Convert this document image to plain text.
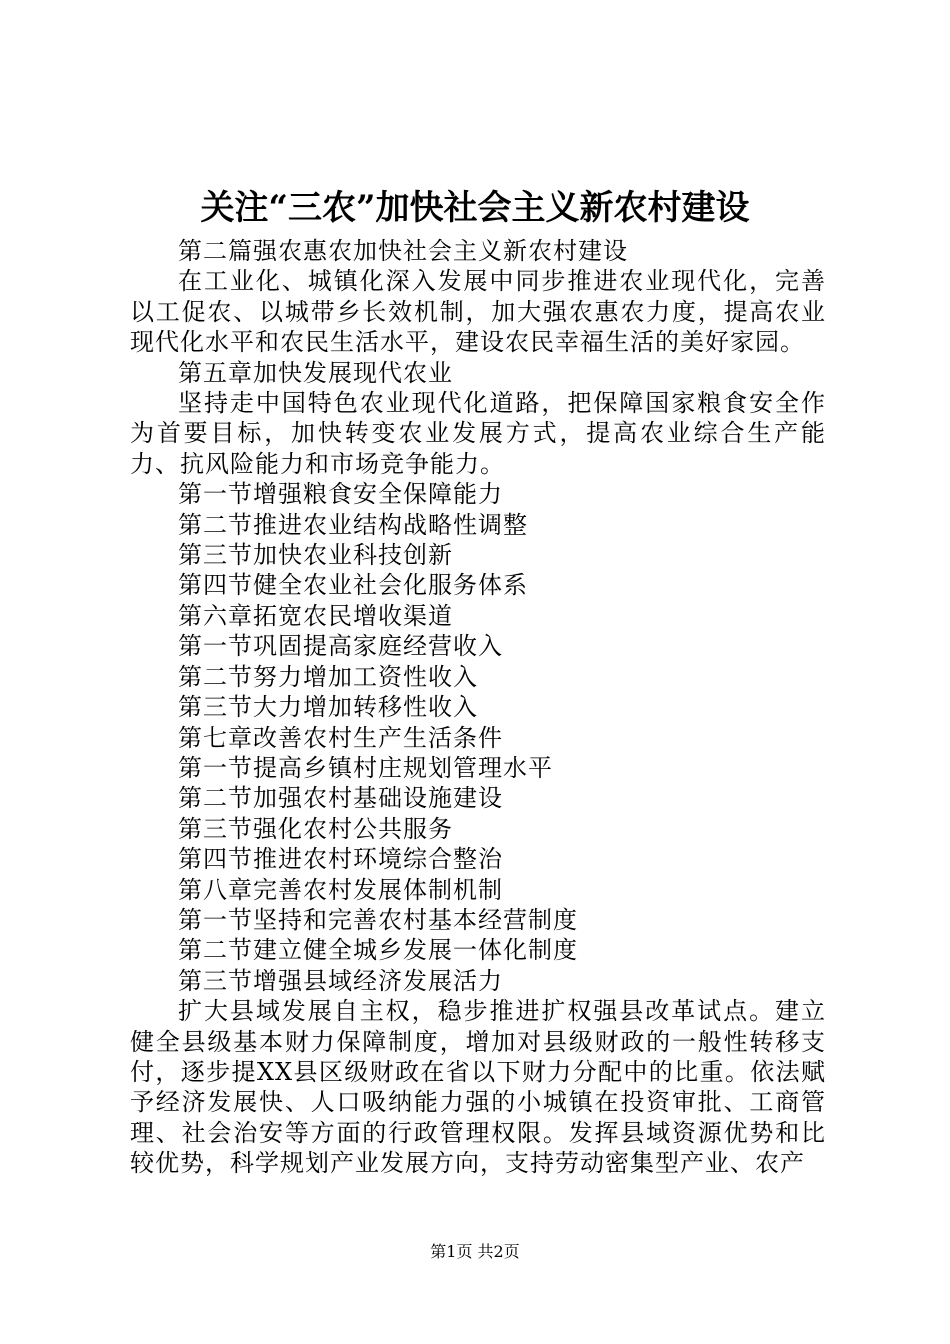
关注“三农”加快社会主义新农村建设

第二篇强农惠农加快社会主义新农村建设

在工业化、城镇化深入发展中同步推进农业现代化，完善以工促农、以城带乡长效机制，加大强农惠农力度，提高农业现代化水平和农民生活水平，建设农民幸福生活的美好家园。

第五章加快发展现代农业

坚持走中国特色农业现代化道路，把保障国家粮食安全作为首要目标，加快转变农业发展方式，提高农业综合生产能力、抗风险能力和市场竞争能力。

第一节增强粮食安全保障能力

第二节推进农业结构战略性调整

第三节加快农业科技创新

第四节健全农业社会化服务体系

第六章拓宽农民增收渠道

第一节巩固提高家庭经营收入

第二节努力增加工资性收入

第三节大力增加转移性收入

第七章改善农村生产生活条件

第一节提高乡镇村庄规划管理水平

第二节加强农村基础设施建设

第三节强化农村公共服务

第四节推进农村环境综合整治

第八章完善农村发展体制机制

第一节坚持和完善农村基本经营制度

第二节建立健全城乡发展一体化制度

第三节增强县域经济发展活力

扩大县域发展自主权，稳步推进扩权强县改革试点。建立健全县级基本财力保障制度，增加对县级财政的一般性转移支付，逐步提XX县区级财政在省以下财力分配中的比重。依法赋予经济发展快、人口吸纳能力强的小城镇在投资审批、工商管理、社会治安等方面的行政管理权限。发挥县域资源优势和比较优势，科学规划产业发展方向，支持劳动密集型产业、农产

第1页 共2页
